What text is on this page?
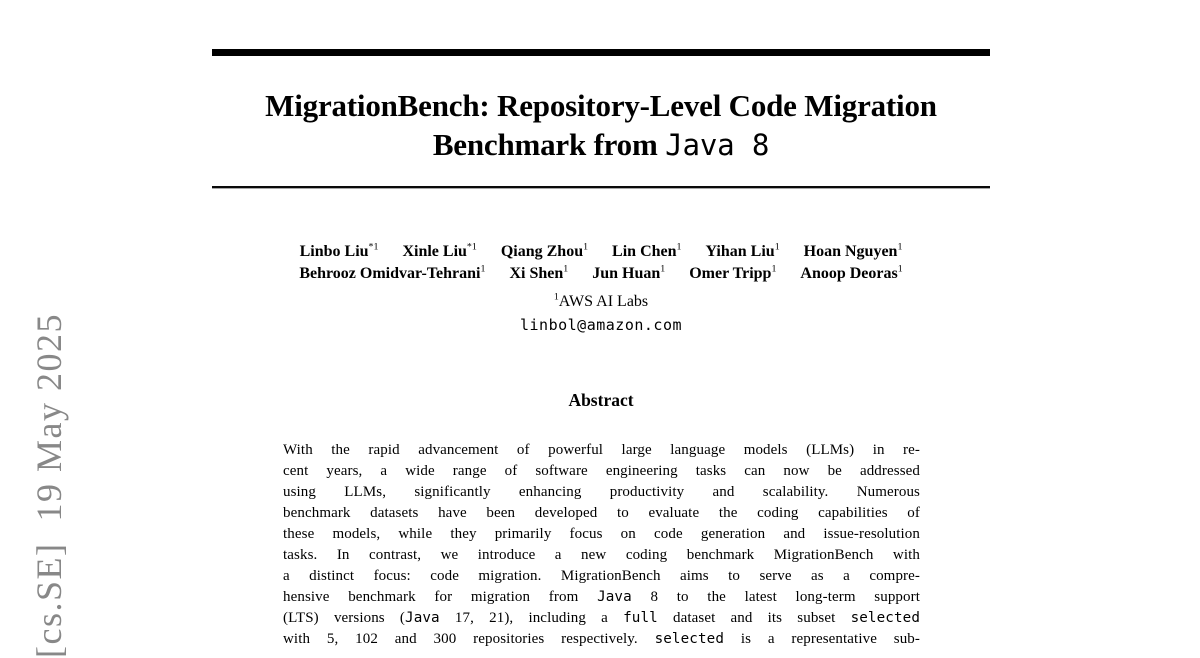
[cs.SE]  19 May 2025
MigrationBench: Repository-Level Code Migration
Benchmark from Java 8
Linbo Liu$^{*1}$ Xinle Liu$^{*1}$ Qiang Zhou$^1$ Lin Chen$^1$ Yihan Liu$^1$ Hoan Nguyen$^1$
Behrooz Omidvar-Tehrani$^1$ Xi Shen$^1$ Jun Huan$^1$ Omer Tripp$^1$ Anoop Deoras$^1$
$^1$AWS AI Labs
linbol@amazon.com
Abstract
With the rapid advancement of powerful large language models (LLMs) in re-
cent years, a wide range of software engineering tasks can now be addressed
using LLMs, significantly enhancing productivity and scalability. Numerous
benchmark datasets have been developed to evaluate the coding capabilities of
these models, while they primarily focus on code generation and issue-resolution
tasks. In contrast, we introduce a new coding benchmark MigrationBench with
a distinct focus: code migration. MigrationBench aims to serve as a compre-
hensive benchmark for migration from Java 8 to the latest long-term support
(LTS) versions (Java 17, 21), including a full dataset and its subset selected
with 5, 102 and 300 repositories respectively. selected is a representative sub-
